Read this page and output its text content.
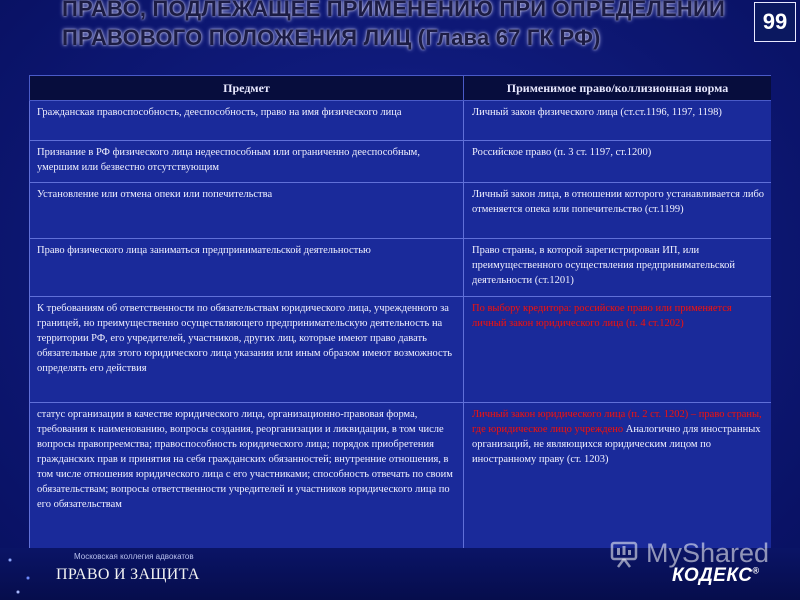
ПРАВО, ПОДЛЕЖАЩЕЕ ПРИМЕНЕНИЮ ПРИ ОПРЕДЕЛЕНИИ ПРАВОВОГО ПОЛОЖЕНИЯ ЛИЦ (Глава 67 ГК РФ)
99
Предмет	Применимое право/коллизионная норма
Гражданская правоспособность, дееспособность, право на имя физического лица	Личный закон физического лица (ст.ст.1196, 1197, 1198)
Признание в РФ физического лица недееспособным или ограниченно дееспособным, умершим или безвестно отсутствующим	Российское право (п. 3 ст. 1197, ст.1200)
Установление или отмена опеки или попечительства	Личный закон лица, в отношении которого устанавливается либо отменяется опека или попечительство (ст.1199)
Право физического лица заниматься предпринимательской деятельностью	Право страны, в которой зарегистрирован ИП, или преимущественного осуществления предпринимательской деятельности (ст.1201)
К требованиям об ответственности по обязательствам юридического лица, учрежденного за границей, но преимущественно осуществляющего предпринимательскую деятельность на территории РФ, его учредителей, участников, других лиц, которые имеют право давать обязательные для этого юридического лица указания или иным образом имеют возможность определять его действия	По выбору кредитора: российское право или применяется личный закон юридического лица (п. 4 ст.1202)
статус организации в качестве юридического лица, организационно-правовая форма, требования к наименованию, вопросы создания, реорганизации и ликвидации, в том числе вопросы правопреемства; правоспособность юридического лица; порядок приобретения гражданских прав и принятия на себя гражданских обязанностей; внутренние отношения, в том числе отношения юридического лица с его участниками; способность отвечать по своим обязательствам; вопросы ответственности учредителей и участников юридического лица по его обязательствам	Личный закон юридического лица (п. 2 ст. 1202) – право страны, где юридическое лицо учреждено Аналогично для иностранных организаций, не являющихся юридическим лицом по иностранному праву (ст. 1203)
Московская коллегия адвокатов
ПРАВО И ЗАЩИТА
MyShared
КОДЕКС®
